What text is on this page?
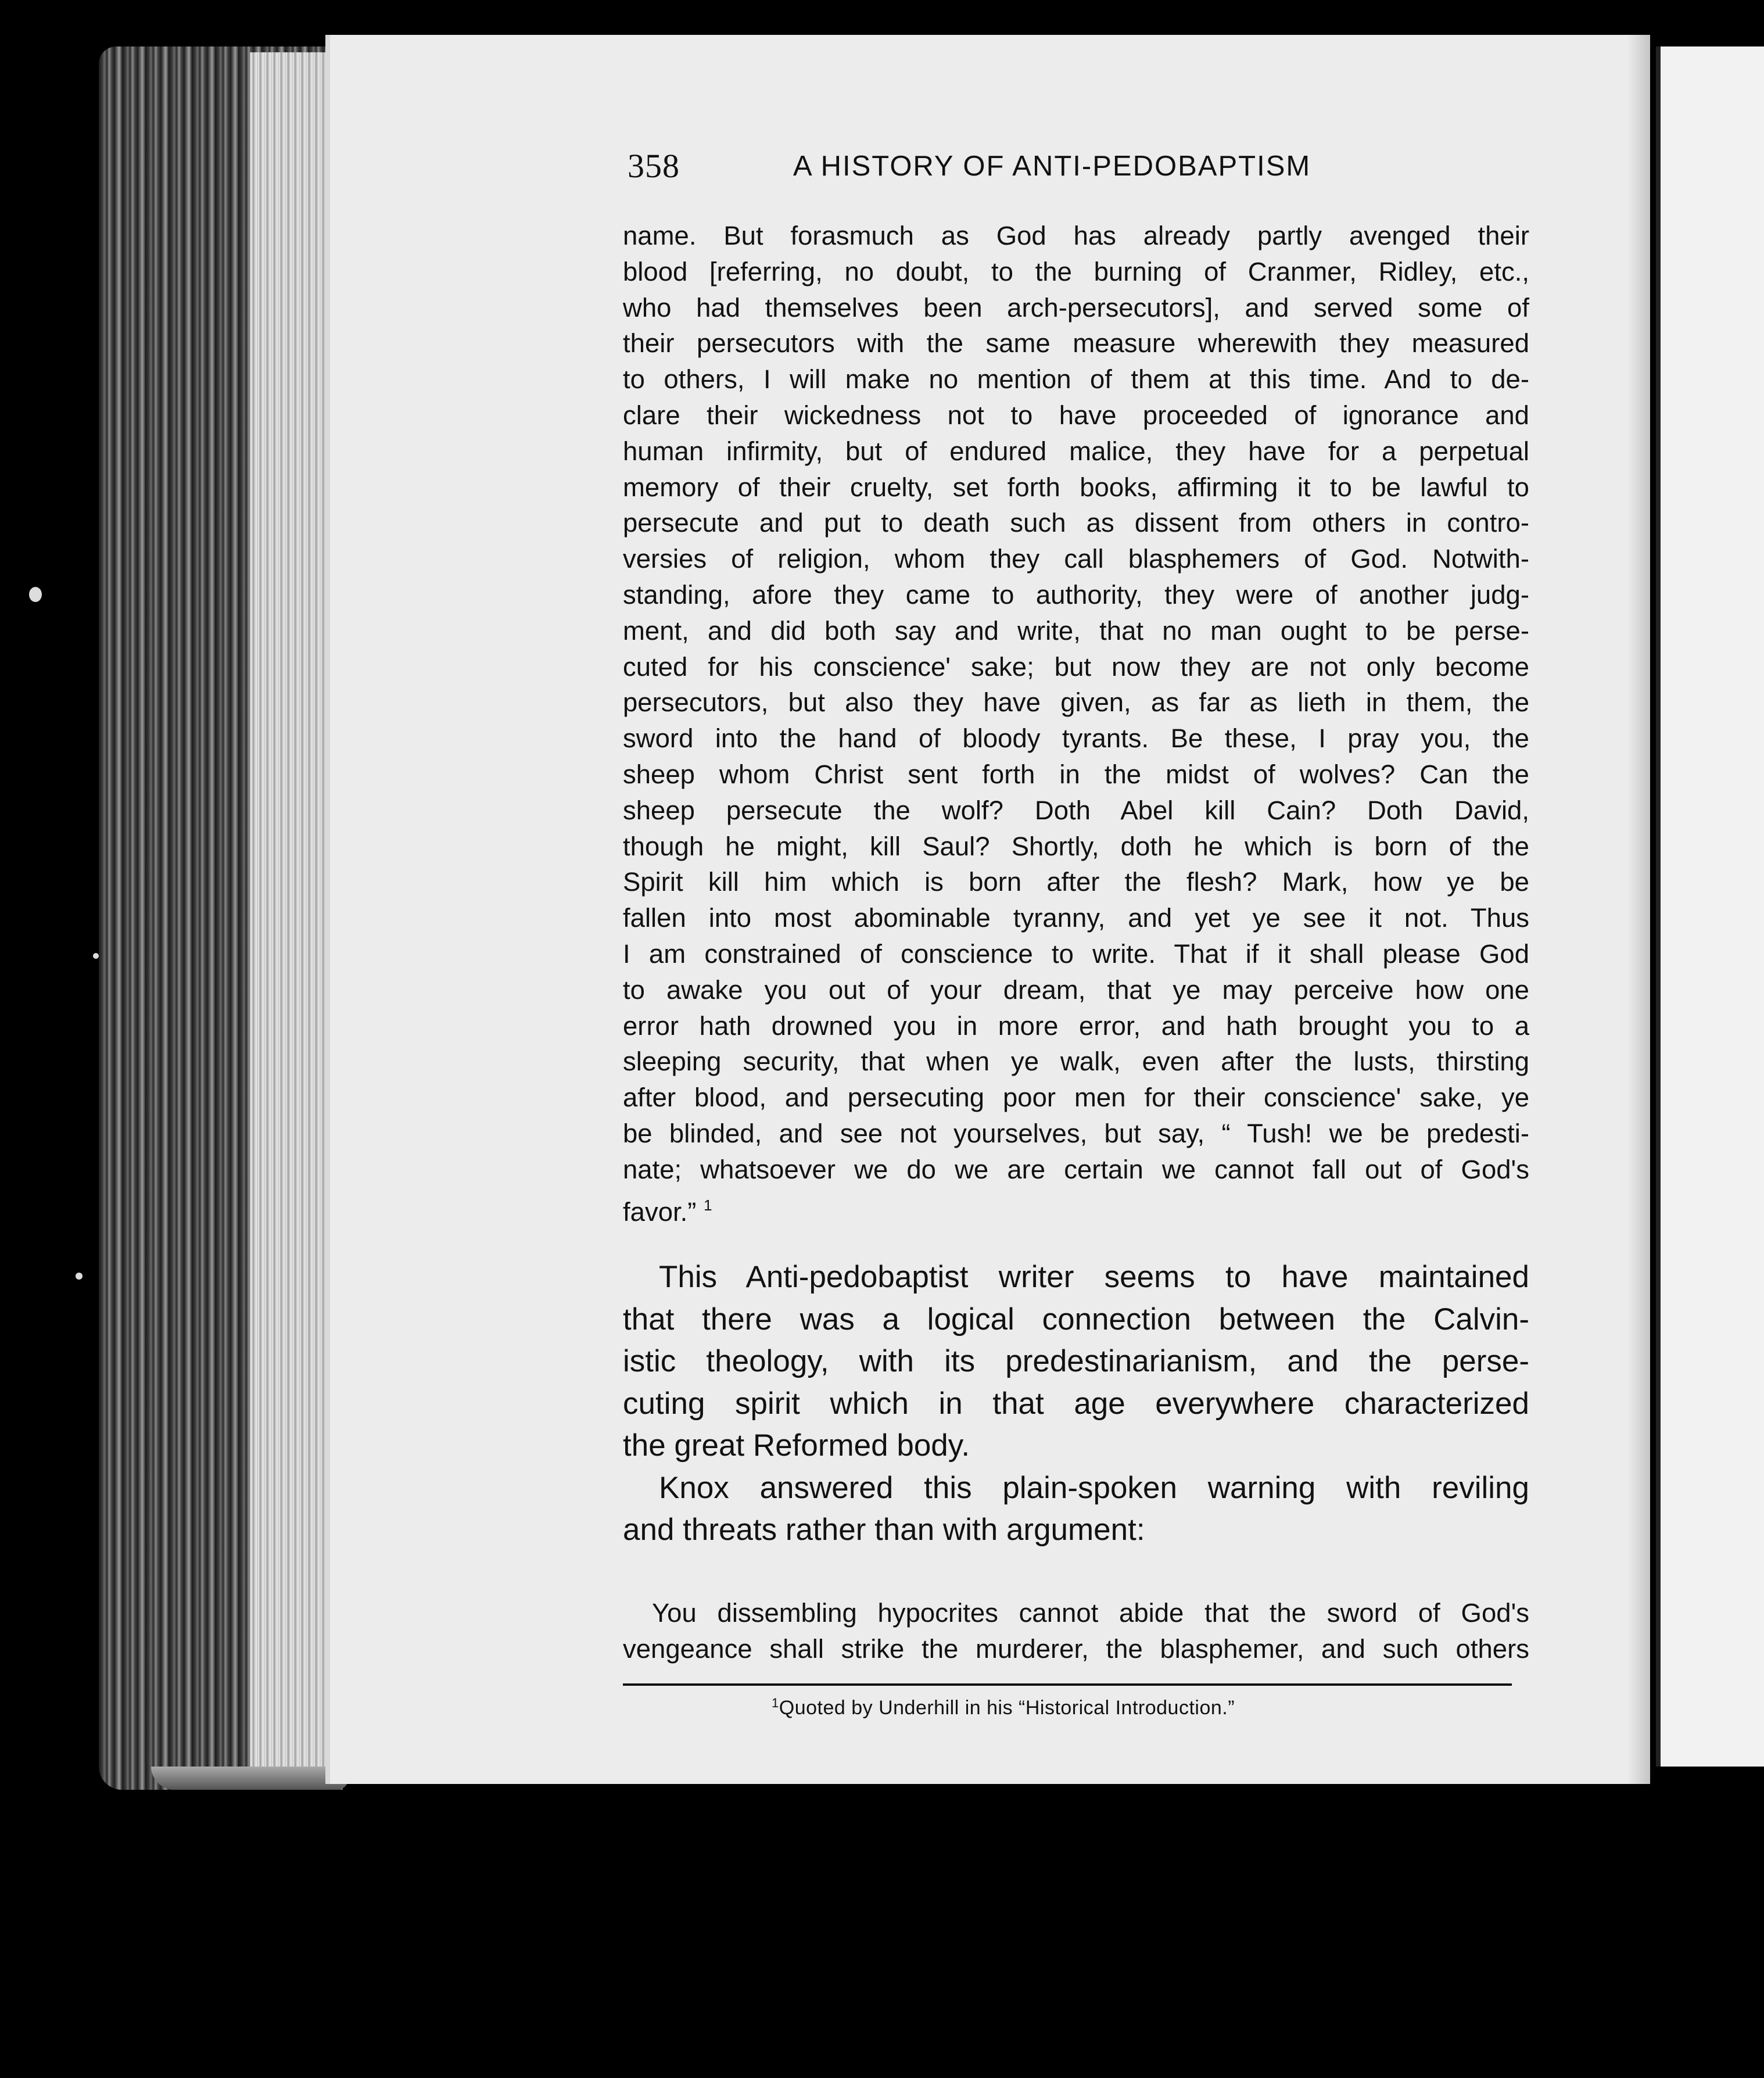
358	A HISTORY OF ANTI-PEDOBAPTISM
name. But forasmuch as God has already partly avenged their
blood [referring, no doubt, to the burning of Cranmer, Ridley, etc.,
who had themselves been arch-persecutors], and served some of
their persecutors with the same measure wherewith they measured
to others, I will make no mention of them at this time. And to de-
clare their wickedness not to have proceeded of ignorance and
human infirmity, but of endured malice, they have for a perpetual
memory of their cruelty, set forth books, affirming it to be lawful to
persecute and put to death such as dissent from others in contro-
versies of religion, whom they call blasphemers of God. Notwith-
standing, afore they came to authority, they were of another judg-
ment, and did both say and write, that no man ought to be perse-
cuted for his conscience' sake; but now they are not only become
persecutors, but also they have given, as far as lieth in them, the
sword into the hand of bloody tyrants. Be these, I pray you, the
sheep whom Christ sent forth in the midst of wolves? Can the
sheep persecute the wolf? Doth Abel kill Cain? Doth David,
though he might, kill Saul? Shortly, doth he which is born of the
Spirit kill him which is born after the flesh? Mark, how ye be
fallen into most abominable tyranny, and yet ye see it not. Thus
I am constrained of conscience to write. That if it shall please God
to awake you out of your dream, that ye may perceive how one
error hath drowned you in more error, and hath brought you to a
sleeping security, that when ye walk, even after the lusts, thirsting
after blood, and persecuting poor men for their conscience' sake, ye
be blinded, and see not yourselves, but say, “ Tush! we be predesti-
nate; whatsoever we do we are certain we cannot fall out of God's
favor.” $^1$
This Anti-pedobaptist writer seems to have maintained
that there was a logical connection between the Calvin-
istic theology, with its predestinarianism, and the perse-
cuting spirit which in that age everywhere characterized
the great Reformed body.
Knox answered this plain-spoken warning with reviling
and threats rather than with argument:
You dissembling hypocrites cannot abide that the sword of God's
vengeance shall strike the murderer, the blasphemer, and such others
$^1$Quoted by Underhill in his “Historical Introduction.”
